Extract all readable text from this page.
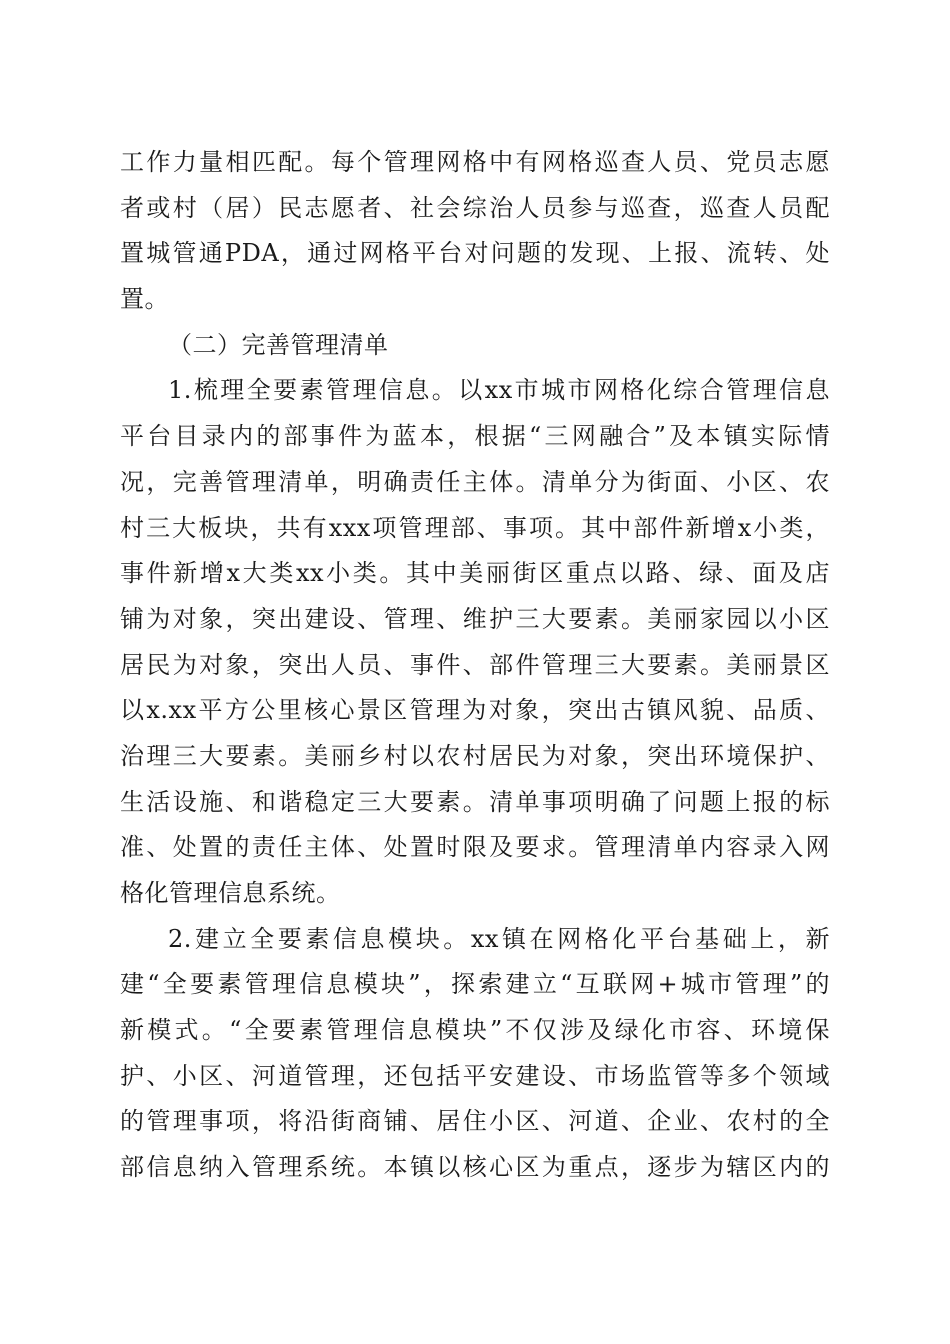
工作力量相匹配。每个管理网格中有网格巡查人员、党员志愿
者或村（居）民志愿者、社会综治人员参与巡查，巡查人员配
置城管通PDA，通过网格平台对问题的发现、上报、流转、处
置。
（二）完善管理清单
1.梳理全要素管理信息。以xx市城市网格化综合管理信息
平台目录内的部事件为蓝本，根据“三网融合”及本镇实际情
况，完善管理清单，明确责任主体。清单分为街面、小区、农
村三大板块，共有xxx项管理部、事项。其中部件新增x小类，
事件新增x大类xx小类。其中美丽街区重点以路、绿、面及店
铺为对象，突出建设、管理、维护三大要素。美丽家园以小区
居民为对象，突出人员、事件、部件管理三大要素。美丽景区
以x.xx平方公里核心景区管理为对象，突出古镇风貌、品质、
治理三大要素。美丽乡村以农村居民为对象，突出环境保护、
生活设施、和谐稳定三大要素。清单事项明确了问题上报的标
准、处置的责任主体、处置时限及要求。管理清单内容录入网
格化管理信息系统。
2.建立全要素信息模块。xx镇在网格化平台基础上，新
建“全要素管理信息模块”，探索建立“互联网+城市管理”的
新模式。“全要素管理信息模块”不仅涉及绿化市容、环境保
护、小区、河道管理，还包括平安建设、市场监管等多个领域
的管理事项，将沿街商铺、居住小区、河道、企业、农村的全
部信息纳入管理系统。本镇以核心区为重点，逐步为辖区内的
